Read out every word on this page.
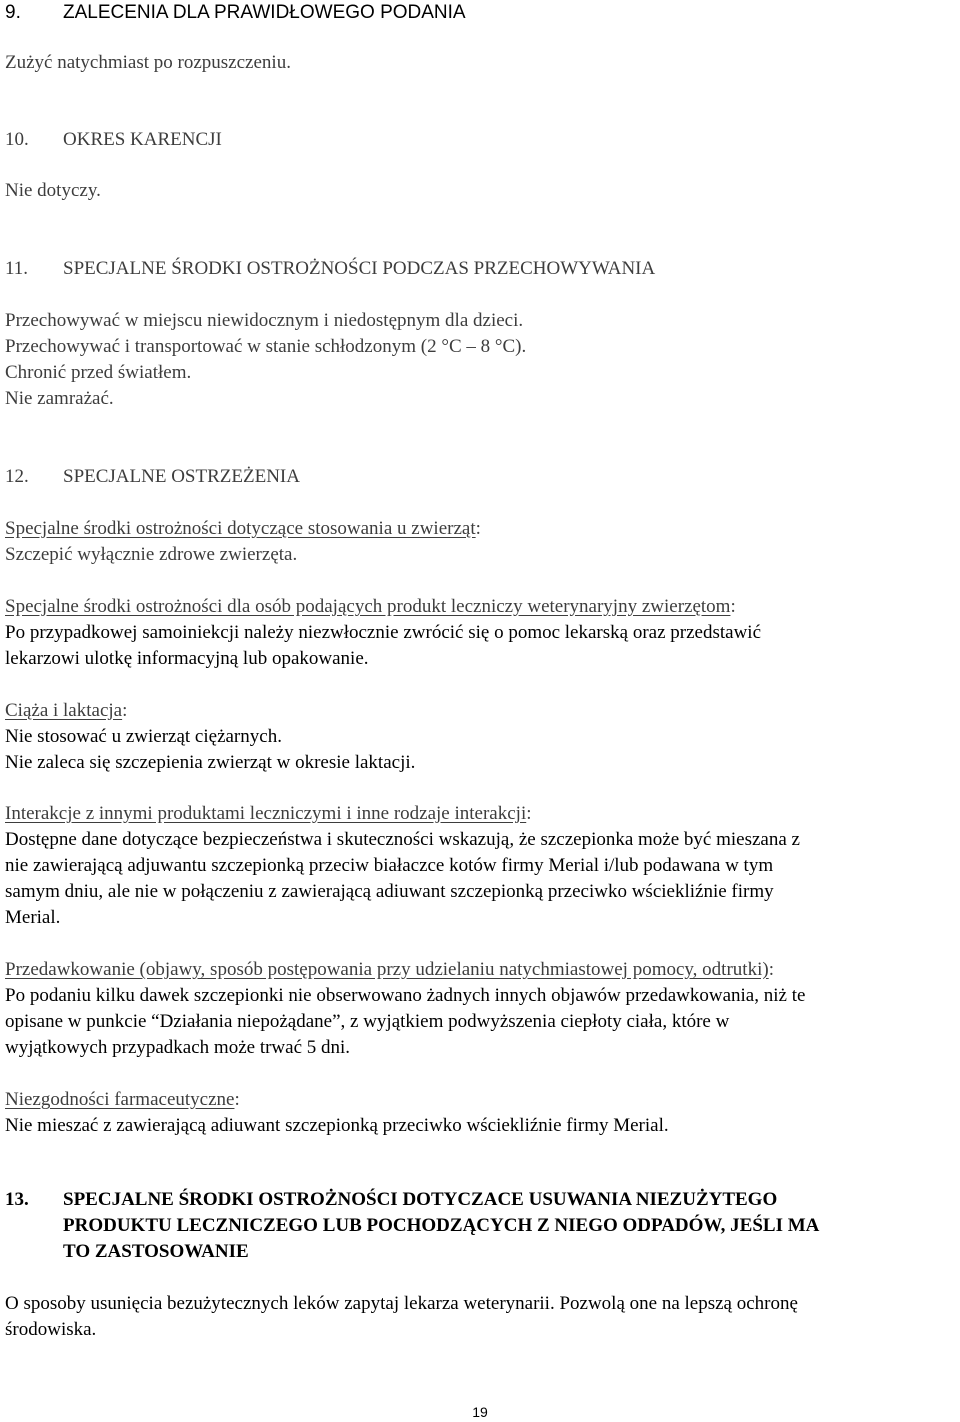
9. ZALECENIA DLA PRAWIDŁOWEGO PODANIA
Zużyć natychmiast po rozpuszczeniu.
10. OKRES KARENCJI
Nie dotyczy.
11. SPECJALNE ŚRODKI OSTROŻNOŚCI PODCZAS PRZECHOWYWANIA
Przechowywać w miejscu niewidocznym i niedostępnym dla dzieci.
Przechowywać i transportować w stanie schłodzonym (2 °C – 8 °C).
Chronić przed światłem.
Nie zamrażać.
12. SPECJALNE OSTRZEŻENIA
Specjalne środki ostrożności dotyczące stosowania u zwierząt:
Szczepić wyłącznie zdrowe zwierzęta.
Specjalne środki ostrożności dla osób podających produkt leczniczy weterynaryjny zwierzętom:
Po przypadkowej samoiniekcji należy niezwłocznie zwrócić się o pomoc lekarską oraz przedstawić
lekarzowi ulotkę informacyjną lub opakowanie.
Ciąża i laktacja:
Nie stosować u zwierząt ciężarnych.
Nie zaleca się szczepienia zwierząt w okresie laktacji.
Interakcje z innymi produktami leczniczymi i inne rodzaje interakcji:
Dostępne dane dotyczące bezpieczeństwa i skuteczności wskazują, że szczepionka może być mieszana z
nie zawierającą adjuwantu szczepionką przeciw białaczce kotów firmy Merial i/lub podawana w tym
samym dniu, ale nie w połączeniu z zawierającą adiuwant szczepionką przeciwko wściekliźnie firmy
Merial.
Przedawkowanie (objawy, sposób postępowania przy udzielaniu natychmiastowej pomocy, odtrutki):
Po podaniu kilku dawek szczepionki nie obserwowano żadnych innych objawów przedawkowania, niż te
opisane w punkcie “Działania niepożądane”, z wyjątkiem podwyższenia ciepłoty ciała, które w
wyjątkowych przypadkach może trwać 5 dni.
Niezgodności farmaceutyczne:
Nie mieszać z zawierającą adiuwant szczepionką przeciwko wściekliźnie firmy Merial.
13. SPECJALNE ŚRODKI OSTROŻNOŚCI DOTYCZACE USUWANIA NIEZUŻYTEGO
PRODUKTU LECZNICZEGO LUB POCHODZĄCYCH Z NIEGO ODPADÓW, JEŚLI MA
TO ZASTOSOWANIE
O sposoby usunięcia bezużytecznych leków zapytaj lekarza weterynarii. Pozwolą one na lepszą ochronę
środowiska.
19
